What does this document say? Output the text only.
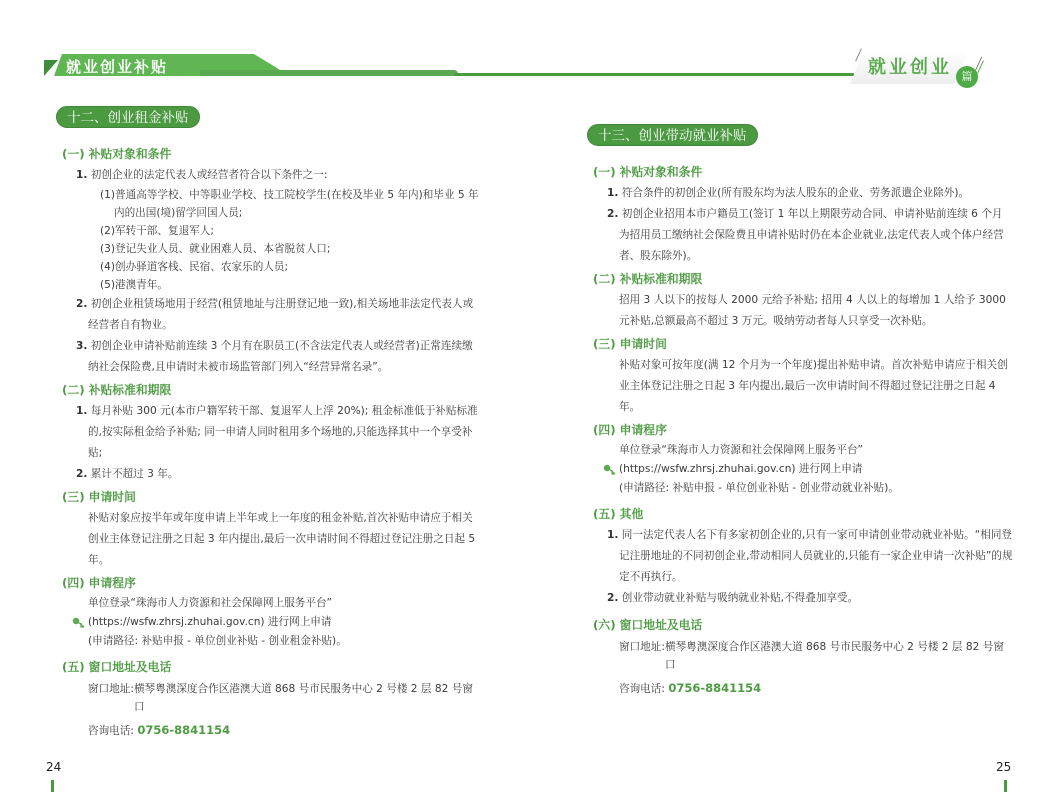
就业创业补贴	就业创业 篇
十二、创业租金补贴
(一) 补贴对象和条件
1. 初创企业的法定代表人或经营者符合以下条件之一:
(1)普通高等学校、中等职业学校、技工院校学生(在校及毕业 5 年内)和毕业 5 年内的出国(境)留学回国人员;
(2)军转干部、复退军人;
(3)登记失业人员、就业困难人员、本省脱贫人口;
(4)创办驿道客栈、民宿、农家乐的人员;
(5)港澳青年。
2. 初创企业租赁场地用于经营(租赁地址与注册登记地一致),相关场地非法定代表人或经营者自有物业。
3. 初创企业申请补贴前连续 3 个月有在职员工(不含法定代表人或经营者)正常连续缴纳社会保险费,且申请时未被市场监管部门列入“经营异常名录”。
(二) 补贴标准和期限
1. 每月补贴 300 元(本市户籍军转干部、复退军人上浮 20%); 租金标准低于补贴标准的,按实际租金给予补贴; 同一申请人同时租用多个场地的,只能选择其中一个享受补贴;
2. 累计不超过 3 年。
(三) 申请时间
补贴对象应按半年或年度申请上半年或上一年度的租金补贴,首次补贴申请应于相关创业主体登记注册之日起 3 年内提出,最后一次申请时间不得超过登记注册之日起 5 年。
(四) 申请程序
单位登录“珠海市人力资源和社会保障网上服务平台”
(https://wsfw.zhrsj.zhuhai.gov.cn) 进行网上申请
(申请路径: 补贴申报 - 单位创业补贴 - 创业租金补贴)。
(五) 窗口地址及电话
窗口地址: 横琴粤澳深度合作区港澳大道 868 号市民服务中心 2 号楼 2 层 82 号窗口
咨询电话: 0756-8841154
24
十三、创业带动就业补贴
(一) 补贴对象和条件
1. 符合条件的初创企业(所有股东均为法人股东的企业、劳务派遣企业除外)。
2. 初创企业招用本市户籍员工(签订 1 年以上期限劳动合同、申请补贴前连续 6 个月为招用员工缴纳社会保险费且申请补贴时仍在本企业就业,法定代表人或个体户经营者、股东除外)。
(二) 补贴标准和期限
招用 3 人以下的按每人 2000 元给予补贴; 招用 4 人以上的每增加 1 人给予 3000 元补贴,总额最高不超过 3 万元。吸纳劳动者每人只享受一次补贴。
(三) 申请时间
补贴对象可按年度(满 12 个月为一个年度)提出补贴申请。首次补贴申请应于相关创业主体登记注册之日起 3 年内提出,最后一次申请时间不得超过登记注册之日起 4 年。
(四) 申请程序
单位登录“珠海市人力资源和社会保障网上服务平台”
(https://wsfw.zhrsj.zhuhai.gov.cn) 进行网上申请
(申请路径: 补贴申报 - 单位创业补贴 - 创业带动就业补贴)。
(五) 其他
1. 同一法定代表人名下有多家初创企业的,只有一家可申请创业带动就业补贴。“相同登记注册地址的不同初创企业,带动相同人员就业的,只能有一家企业申请一次补贴”的规定不再执行。
2. 创业带动就业补贴与吸纳就业补贴,不得叠加享受。
(六) 窗口地址及电话
窗口地址: 横琴粤澳深度合作区港澳大道 868 号市民服务中心 2 号楼 2 层 82 号窗口
咨询电话: 0756-8841154
25
